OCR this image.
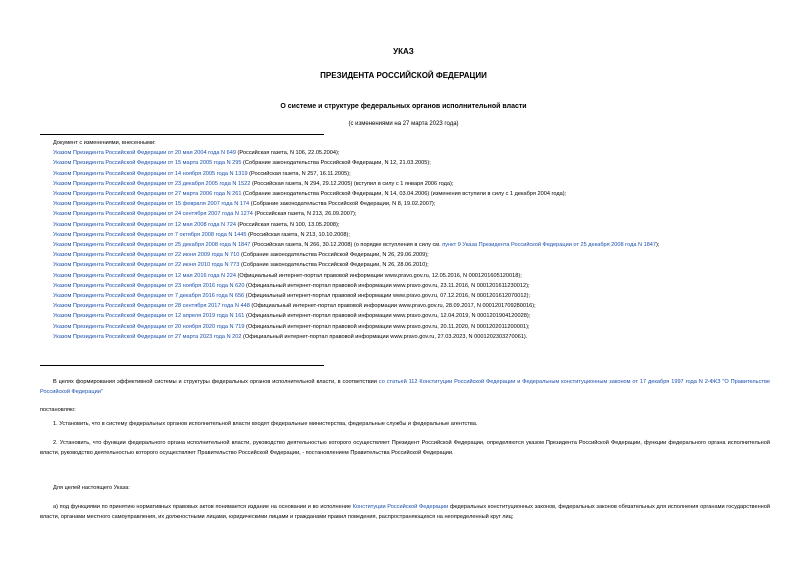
УКАЗ
ПРЕЗИДЕНТА РОССИЙСКОЙ ФЕДЕРАЦИИ
О системе и структуре федеральных органов исполнительной власти
(с изменениями на 27 марта 2023 года)
Документ с изменениями, внесенными:
Указом Президента Российской Федерации от 20 мая 2004 года N 649 (Российская газета, N 106, 22.05.2004);
Указом Президента Российской Федерации от 15 марта 2005 года N 295 (Собрание законодательства Российской Федерации, N 12, 21.03.2005);
Указом Президента Российской Федерации от 14 ноября 2005 года N 1319 (Российская газета, N 257, 16.11.2005);
Указом Президента Российской Федерации от 23 декабря 2005 года N 1522 (Российская газета, N 294, 29.12.2005) (вступил в силу с 1 января 2006 года);
Указом Президента Российской Федерации от 27 марта 2006 года N 261 (Собрание законодательства Российской Федерации, N 14, 03.04.2006) (изменения вступили в силу с 1 декабря 2004 года);
Указом Президента Российской Федерации от 15 февраля 2007 года N 174 (Собрание законодательства Российской Федерации, N 8, 19.02.2007);
Указом Президента Российской Федерации от 24 сентября 2007 года N 1274 (Российская газета, N 213, 26.09.2007);
Указом Президента Российской Федерации от 12 мая 2008 года N 724 (Российская газета, N 100, 13.05.2008);
Указом Президента Российской Федерации от 7 октября 2008 года N 1445 (Российская газета, N 213, 10.10.2008);
Указом Президента Российской Федерации от 25 декабря 2008 года N 1847 (Российская газета, N 266, 30.12.2008) (о порядке вступления в силу см. пункт 9 Указа Президента Российской Федерации от 25 декабря 2008 года N 1847);
Указом Президента Российской Федерации от 22 июня 2009 года N 710 (Собрание законодательства Российской Федерации, N 26, 29.06.2009);
Указом Президента Российской Федерации от 22 июня 2010 года N 773 (Собрание законодательства Российской Федерации, N 26, 28.06.2010);
Указом Президента Российской Федерации от 12 мая 2016 года N 224 (Официальный интернет-портал правовой информации www.pravo.gov.ru, 12.05.2016, N 0001201605120018);
Указом Президента Российской Федерации от 23 ноября 2016 года N 620 (Официальный интернет-портал правовой информации www.pravo.gov.ru, 23.11.2016, N 0001201611230012);
Указом Президента Российской Федерации от 7 декабря 2016 года N 656 (Официальный интернет-портал правовой информации www.pravo.gov.ru, 07.12.2016, N 0001201612070012);
Указом Президента Российской Федерации от 28 сентября 2017 года N 448 (Официальный интернет-портал правовой информации www.pravo.gov.ru, 28.09.2017, N 0001201709280016);
Указом Президента Российской Федерации от 12 апреля 2019 года N 161 (Официальный интернет-портал правовой информации www.pravo.gov.ru, 12.04.2019, N 0001201904120028);
Указом Президента Российской Федерации от 20 ноября 2020 года N 719 (Официальный интернет-портал правовой информации www.pravo.gov.ru, 20.11.2020, N 0001202011200001);
Указом Президента Российской Федерации от 27 марта 2023 года N 202 (Официальный интернет-портал правовой информации www.pravo.gov.ru, 27.03.2023, N 0001202303270061).
В целях формирования эффективной системы и структуры федеральных органов исполнительной власти, в соответствии со статьей 112 Конституции Российской Федерации и Федеральным конституционным законом от 17 декабря 1997 года N 2-ФКЗ "О Правительстве Российской Федерации"
постановляю:
1. Установить, что в систему федеральных органов исполнительной власти входят федеральные министерства, федеральные службы и федеральные агентства.
2. Установить, что функции федерального органа исполнительной власти, руководство деятельностью которого осуществляет Президент Российской Федерации, определяются указом Президента Российской Федерации, функции федерального органа исполнительной власти, руководство деятельностью которого осуществляет Правительство Российской Федерации, - постановлением Правительства Российской Федерации.
Для целей настоящего Указа:
а) под функциями по принятию нормативных правовых актов понимается издание на основании и во исполнение Конституции Российской Федерации федеральных конституционных законов, федеральных законов обязательных для исполнения органами государственной власти, органами местного самоуправления, их должностными лицами, юридическими лицами и гражданами правил поведения, распространяющихся на неопределенный круг лиц;
